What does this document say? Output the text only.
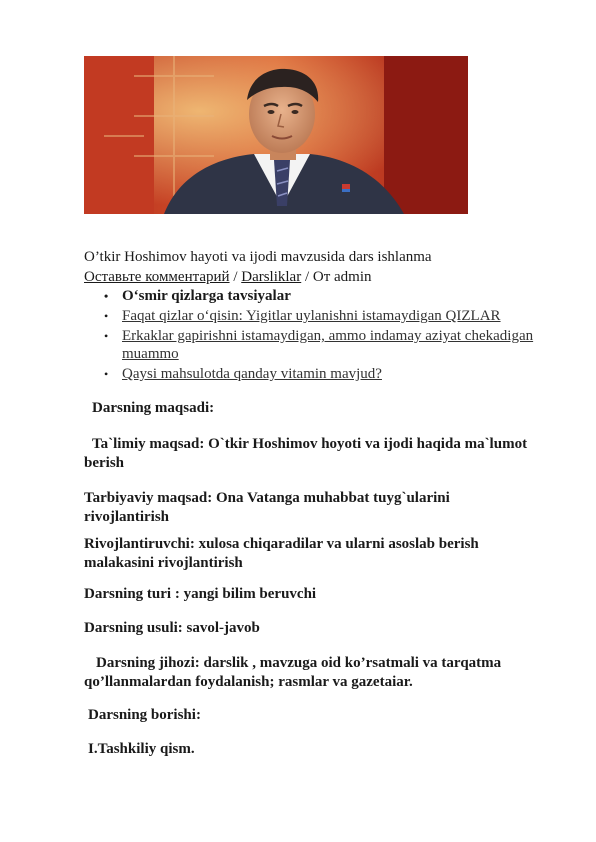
O’tkir Hoshimov hayoti va ijodi mavzusida dars ishlanma
Оставьте комментарий / Darsliklar / От admin
• O‘smir qizlarga tavsiyalar
• Faqat qizlar o‘qisin: Yigitlar uylanishni istamaydigan QIZLAR
• Erkaklar gapirishni istamaydigan, ammo indamay aziyat chekadigan muammo
• Qaysi mahsulotda qanday vitamin mavjud?
Darsning maqsadi:
Ta`limiy maqsad: O`tkir Hoshimov hoyoti va ijodi haqida ma`lumot berish
Tarbiyaviy maqsad: Ona Vatanga muhabbat tuyg`ularini rivojlantirish
Rivojlantiruvchi: xulosa chiqaradilar va ularni asoslab berish malakasini rivojlantirish
Darsning turi : yangi bilim beruvchi
Darsning usuli: savol-javob
Darsning jihozi: darslik , mavzuga oid ko’rsatmali va tarqatma qo’llanmalardan foydalanish; rasmlar va gazetaiar.
Darsning borishi:
I.Tashkiliy qism.
